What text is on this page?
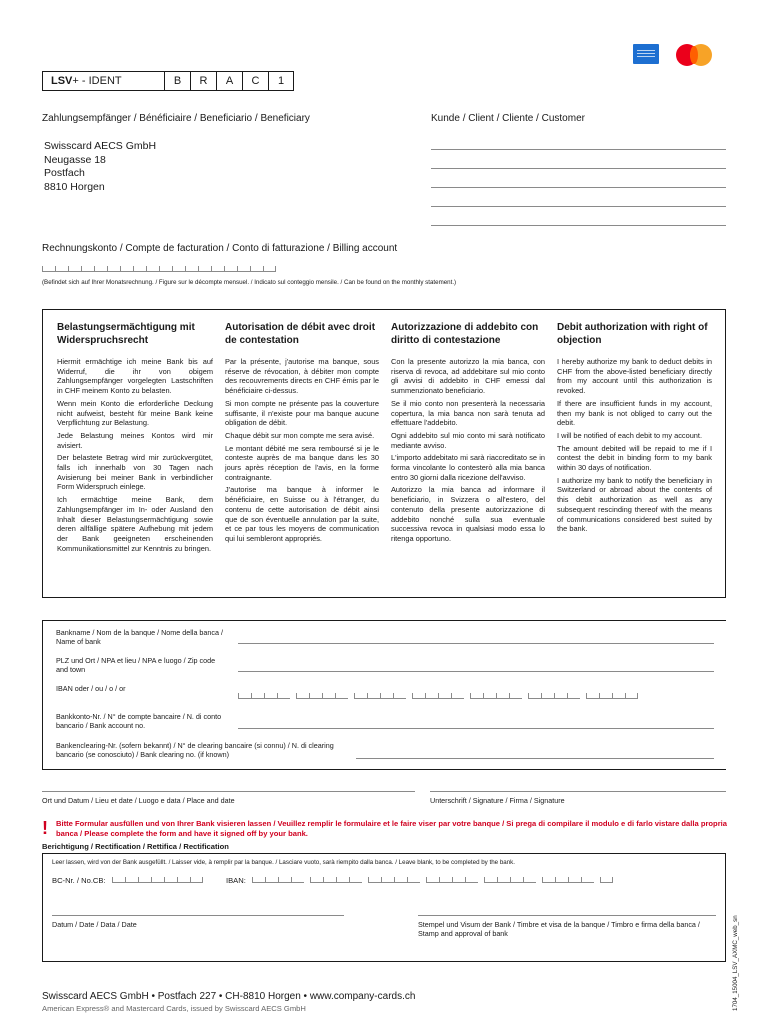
LSV + - IDENT	B	R	A	C	1
Zahlungsempfänger / Bénéficiaire / Beneficiario / Beneficiary
Swisscard AECS GmbH
Neugasse 18
Postfach
8810 Horgen
Kunde / Client / Cliente / Customer
Rechnungskonto / Compte de facturation / Conto di fatturazione / Billing account
(Befindet sich auf Ihrer Monatsrechnung. / Figure sur le décompte mensuel. / Indicato sul conteggio mensile. / Can be found on the monthly statement.)
Belastungsermächtigung mit Widerspruchsrecht
Autorisation de débit avec droit de contestation
Autorizzazione di addebito con diritto di contestazione
Debit authorization with right of objection

Hiermit ermächtige ich meine Bank bis auf Widerruf, die ihr von obigem Zahlungsempfänger vorgelegten Lastschriften in CHF meinem Konto zu belasten.

Wenn mein Konto die erforderliche Deckung nicht aufweist, besteht für meine Bank keine Verpflichtung zur Belastung.

Jede Belastung meines Kontos wird mir avisiert.

Der belastete Betrag wird mir zurückvergütet, falls ich innerhalb von 30 Tagen nach Avisierung bei meiner Bank in verbindlicher Form Widerspruch einlege.

Ich ermächtige meine Bank, dem Zahlungsempfänger im In- oder Ausland den Inhalt dieser Belastungsermächtigung sowie deren allfällige spätere Aufhebung mit jedem der Bank geeigneten erscheinenden Kommunikationsmittel zur Kenntnis zu bringen.

Par la présente, j'autorise ma banque, sous réserve de révocation, à débiter mon compte des recouvrements directs en CHF émis par le bénéficiaire ci-dessus.

Si mon compte ne présente pas la couverture suffisante, il n'existe pour ma banque aucune obligation de débit.

Chaque débit sur mon compte me sera avisé.

Le montant débité me sera remboursé si je le conteste auprès de ma banque dans les 30 jours après réception de l'avis, en la forme contraignante.

J'autorise ma banque à informer le bénéficiaire, en Suisse ou à l'étranger, du contenu de cette autorisation de débit ainsi que de son éventuelle annulation par la suite, et ce par tous les moyens de communication qui lui sembleront appropriés.

Con la presente autorizzo la mia banca, con riserva di revoca, ad addebitare sul mio conto gli avvisi di addebito in CHF emessi dal summenzionato beneficiario.

Se il mio conto non presenterà la necessaria copertura, la mia banca non sarà tenuta ad effettuare l'addebito.

Ogni addebito sul mio conto mi sarà notificato mediante avviso.

L'importo addebitato mi sarà riaccreditato se in forma vincolante lo contesterò alla mia banca entro 30 giorni dalla ricezione dell'avviso.

Autorizzo la mia banca ad informare il beneficiario, in Svizzera o all'estero, del contenuto della presente autorizzazione di addebito nonché sulla sua eventuale successiva revoca in qualsiasi modo essa lo ritenga opportuno.

I hereby authorize my bank to deduct debits in CHF from the above-listed beneficiary directly from my account until this authorization is revoked.

If there are insufficient funds in my account, then my bank is not obliged to carry out the debit.

I will be notified of each debit to my account.

The amount debited will be repaid to me if I contest the debit in binding form to my bank within 30 days of notification.

I authorize my bank to notify the beneficiary in Switzerland or abroad about the contents of this debit authorization as well as any subsequent rescinding thereof with the means of communications considered best suited by the bank.

Bankname / Nom de la banque / Nome della banca / Name of bank
PLZ und Ort / NPA et lieu / NPA e luogo / Zip code and town
IBAN oder / ou / o / or
Bankkonto-Nr. / N° de compte bancaire / N. di conto bancario / Bank account no.
Bankenclearing-Nr. (sofern bekannt) / N° de clearing bancaire (si connu) / N. di clearing bancario (se conosciuto) / Bank clearing no. (if known)
Ort und Datum / Lieu et date / Luogo e data / Place and date	Unterschrift / Signature / Firma / Signature
! Bitte Formular ausfüllen und von Ihrer Bank visieren lassen / Veuillez remplir le formulaire et le faire viser par votre banque / Si prega di compilare il modulo e di farlo vistare dalla propria banca / Please complete the form and have it signed off by your bank.
Berichtigung / Rectification / Rettifica / Rectification
Leer lassen, wird von der Bank ausgefüllt. / Laisser vide, à remplir par la banque. / Lasciare vuoto, sarà riempito dalla banca. / Leave blank, to be completed by the bank.
BC-Nr. / No.CB:	IBAN:
Datum / Date / Data / Date	Stempel und Visum der Bank / Timbre et visa de la banque / Timbro e firma della banca / Stamp and approval of bank
Swisscard AECS GmbH • Postfach 227 • CH-8810 Horgen • www.company-cards.ch
American Express® and Mastercard Cards, issued by Swisscard AECS GmbH	1704_15004_LSV_AXMC_web_sn
